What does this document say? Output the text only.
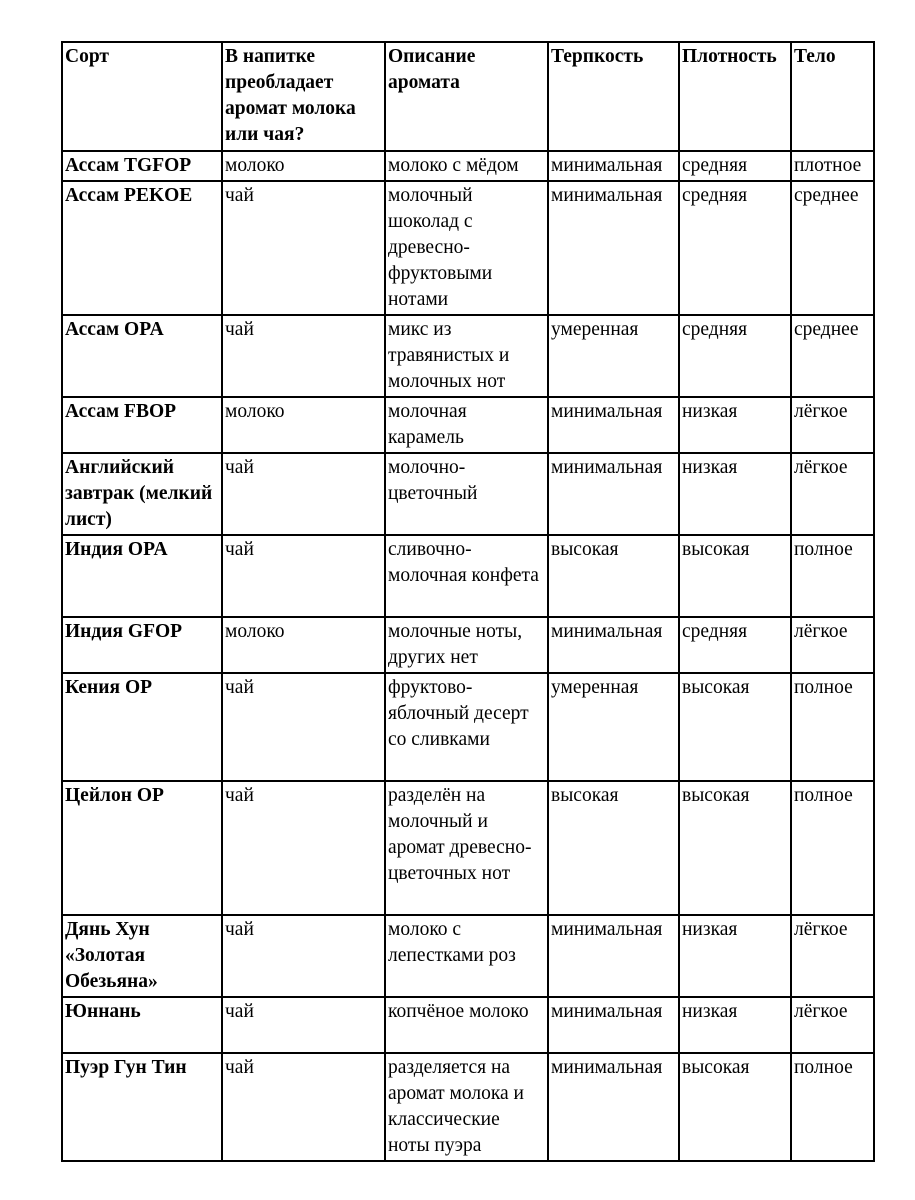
Сорт	В напитке преобладает аромат молока или чая?	Описание аромата	Терпкость	Плотность	Тело
Ассам TGFOP	молоко	молоко с мёдом	минимальная	средняя	плотное
Ассам PEKOE	чай	молочный шоколад с древесно-фруктовыми нотами	минимальная	средняя	среднее
Ассам OPA	чай	микс из травянистых и молочных нот	умеренная	средняя	среднее
Ассам FBOP	молоко	молочная карамель	минимальная	низкая	лёгкое
Английский завтрак (мелкий лист)	чай	молочно-цветочный	минимальная	низкая	лёгкое
Индия OPA	чай	сливочно-молочная конфета	высокая	высокая	полное
Индия GFOP	молоко	молочные ноты, других нет	минимальная	средняя	лёгкое
Кения OP	чай	фруктово-яблочный десерт со сливками	умеренная	высокая	полное
Цейлон OP	чай	разделён на молочный и аромат древесно-цветочных нот	высокая	высокая	полное
Дянь Хун «Золотая Обезьяна»	чай	молоко с лепестками роз	минимальная	низкая	лёгкое
Юннань	чай	копчёное молоко	минимальная	низкая	лёгкое
Пуэр Гун Тин	чай	разделяется на аромат молока и классические ноты пуэра	минимальная	высокая	полное
